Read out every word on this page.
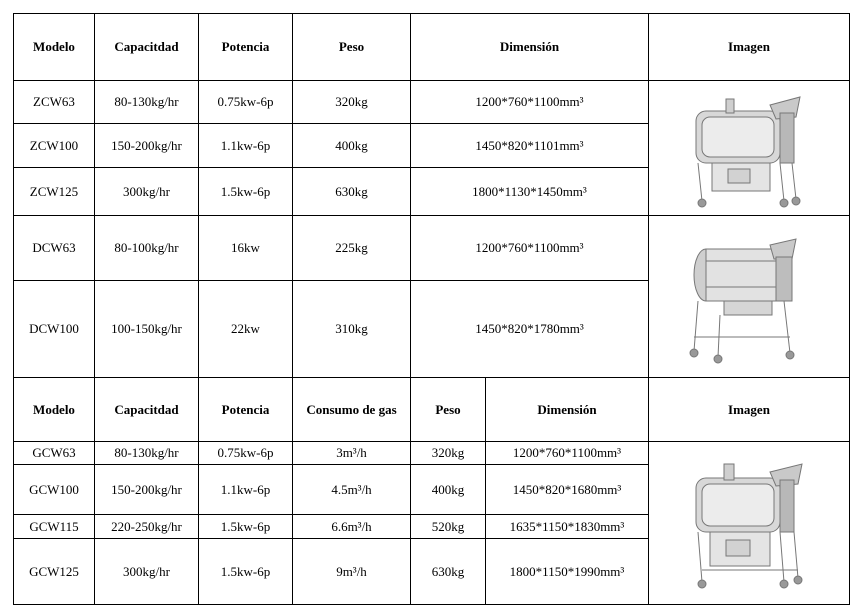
Modelo	Capacitdad	Potencia	Peso	Dimensión		Imagen
ZCW63	80-130kg/hr	0.75kw-6p	320kg	1200*760*1100mm³	

ZCW100	150-200kg/hr	1.1kw-6p	400kg	1450*820*1101mm³		
ZCW125	300kg/hr	1.5kw-6p	630kg	1800*1130*1450mm³		
DCW63	80-100kg/hr	16kw	225kg	1200*760*1100mm³	

DCW100	100-150kg/hr	22kw	310kg	1450*820*1780mm³		
Modelo	Capacitdad	Potencia	Consumo de gas	Peso	Dimensión	Imagen
GCW63	80-130kg/hr	0.75kw-6p	3m³/h	320kg	1200*760*1100mm³	

GCW100	150-200kg/hr	1.1kw-6p	4.5m³/h	400kg	1450*820*1680mm³	
GCW115	220-250kg/hr	1.5kw-6p	6.6m³/h	520kg	1635*1150*1830mm³	
GCW125	300kg/hr	1.5kw-6p	9m³/h	630kg	1800*1150*1990mm³	
